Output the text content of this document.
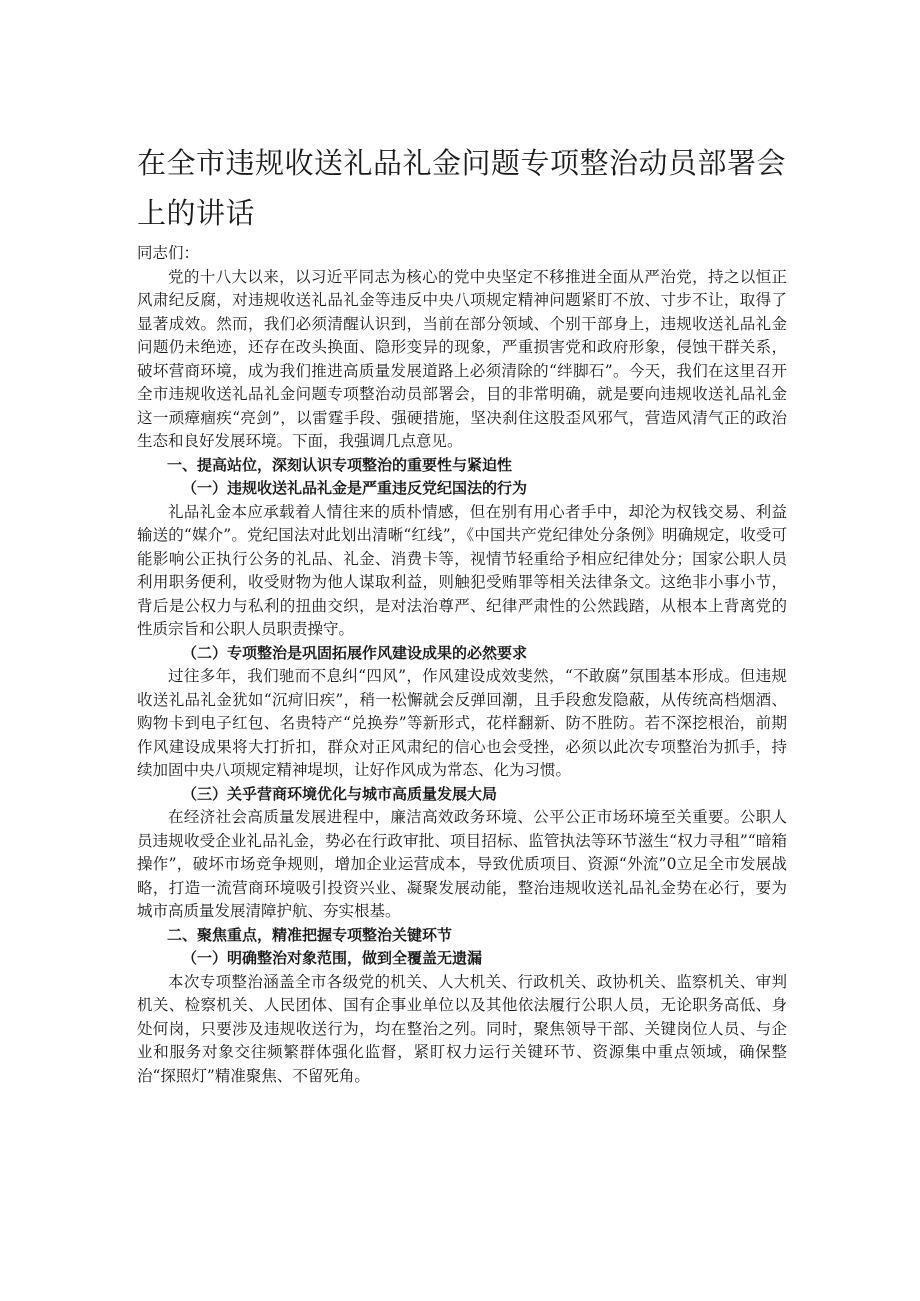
在全市违规收送礼品礼金问题专项整治动员部署会上的讲话

同志们：

党的十八大以来，以习近平同志为核心的党中央坚定不移推进全面从严治党，持之以恒正风肃纪反腐，对违规收送礼品礼金等违反中央八项规定精神问题紧盯不放、寸步不让，取得了显著成效。然而，我们必须清醒认识到，当前在部分领域、个别干部身上，违规收送礼品礼金问题仍未绝迹，还存在改头换面、隐形变异的现象，严重损害党和政府形象，侵蚀干群关系，破坏营商环境，成为我们推进高质量发展道路上必须清除的“绊脚石”。今天，我们在这里召开全市违规收送礼品礼金问题专项整治动员部署会，目的非常明确，就是要向违规收送礼品礼金这一顽瘴痼疾“亮剑”，以雷霆手段、强硬措施，坚决刹住这股歪风邪气，营造风清气正的政治生态和良好发展环境。下面，我强调几点意见。

一、提高站位，深刻认识专项整治的重要性与紧迫性

（一）违规收送礼品礼金是严重违反党纪国法的行为

礼品礼金本应承载着人情往来的质朴情感，但在别有用心者手中，却沦为权钱交易、利益输送的“媒介”。党纪国法对此划出清晰“红线”，《中国共产党纪律处分条例》明确规定，收受可能影响公正执行公务的礼品、礼金、消费卡等，视情节轻重给予相应纪律处分；国家公职人员利用职务便利，收受财物为他人谋取利益，则触犯受贿罪等相关法律条文。这绝非小事小节，背后是公权力与私利的扭曲交织，是对法治尊严、纪律严肃性的公然践踏，从根本上背离党的性质宗旨和公职人员职责操守。

（二）专项整治是巩固拓展作风建设成果的必然要求

过往多年，我们驰而不息纠“四风”，作风建设成效斐然，“不敢腐”氛围基本形成。但违规收送礼品礼金犹如“沉疴旧疾”，稍一松懈就会反弹回潮，且手段愈发隐蔽，从传统高档烟酒、购物卡到电子红包、名贵特产“兑换券”等新形式，花样翻新、防不胜防。若不深挖根治，前期作风建设成果将大打折扣，群众对正风肃纪的信心也会受挫，必须以此次专项整治为抓手，持续加固中央八项规定精神堤坝，让好作风成为常态、化为习惯。

（三）关乎营商环境优化与城市高质量发展大局

在经济社会高质量发展进程中，廉洁高效政务环境、公平公正市场环境至关重要。公职人员违规收受企业礼品礼金，势必在行政审批、项目招标、监管执法等环节滋生“权力寻租”“暗箱操作”，破坏市场竞争规则，增加企业运营成本，导致优质项目、资源“外流”0立足全市发展战略，打造一流营商环境吸引投资兴业、凝聚发展动能，整治违规收送礼品礼金势在必行，要为城市高质量发展清障护航、夯实根基。

二、聚焦重点，精准把握专项整治关键环节

（一）明确整治对象范围，做到全覆盖无遗漏

本次专项整治涵盖全市各级党的机关、人大机关、行政机关、政协机关、监察机关、审判机关、检察机关、人民团体、国有企事业单位以及其他依法履行公职人员，无论职务高低、身处何岗，只要涉及违规收送行为，均在整治之列。同时，聚焦领导干部、关键岗位人员、与企业和服务对象交往频繁群体强化监督，紧盯权力运行关键环节、资源集中重点领域，确保整治“探照灯”精准聚焦、不留死角。
